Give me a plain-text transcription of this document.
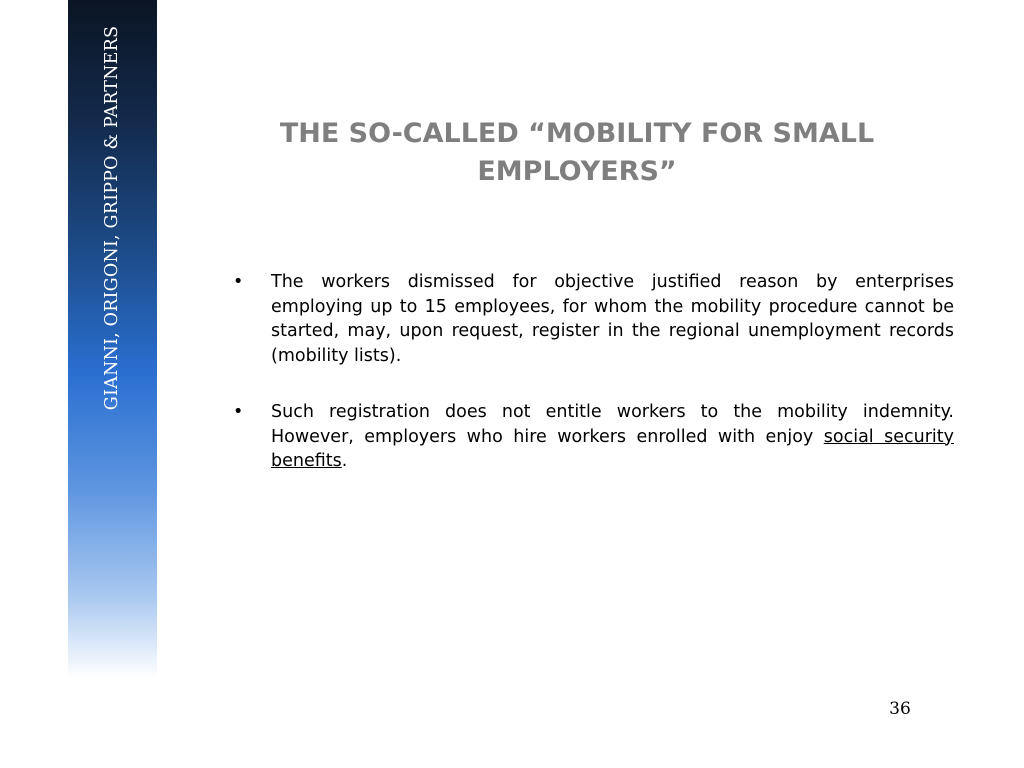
GIANNI, ORIGONI, GRIPPO & PARTNERS	THE SO-CALLED “MOBILITY FOR SMALL
EMPLOYERS”
• The workers dismissed for objective justified reason by enterprises employing up to 15 employees, for whom the mobility procedure cannot be started, may, upon request, register in the regional unemployment records (mobility lists).
• Such registration does not entitle workers to the mobility indemnity. However, employers who hire workers enrolled with enjoy social security benefits.
36
